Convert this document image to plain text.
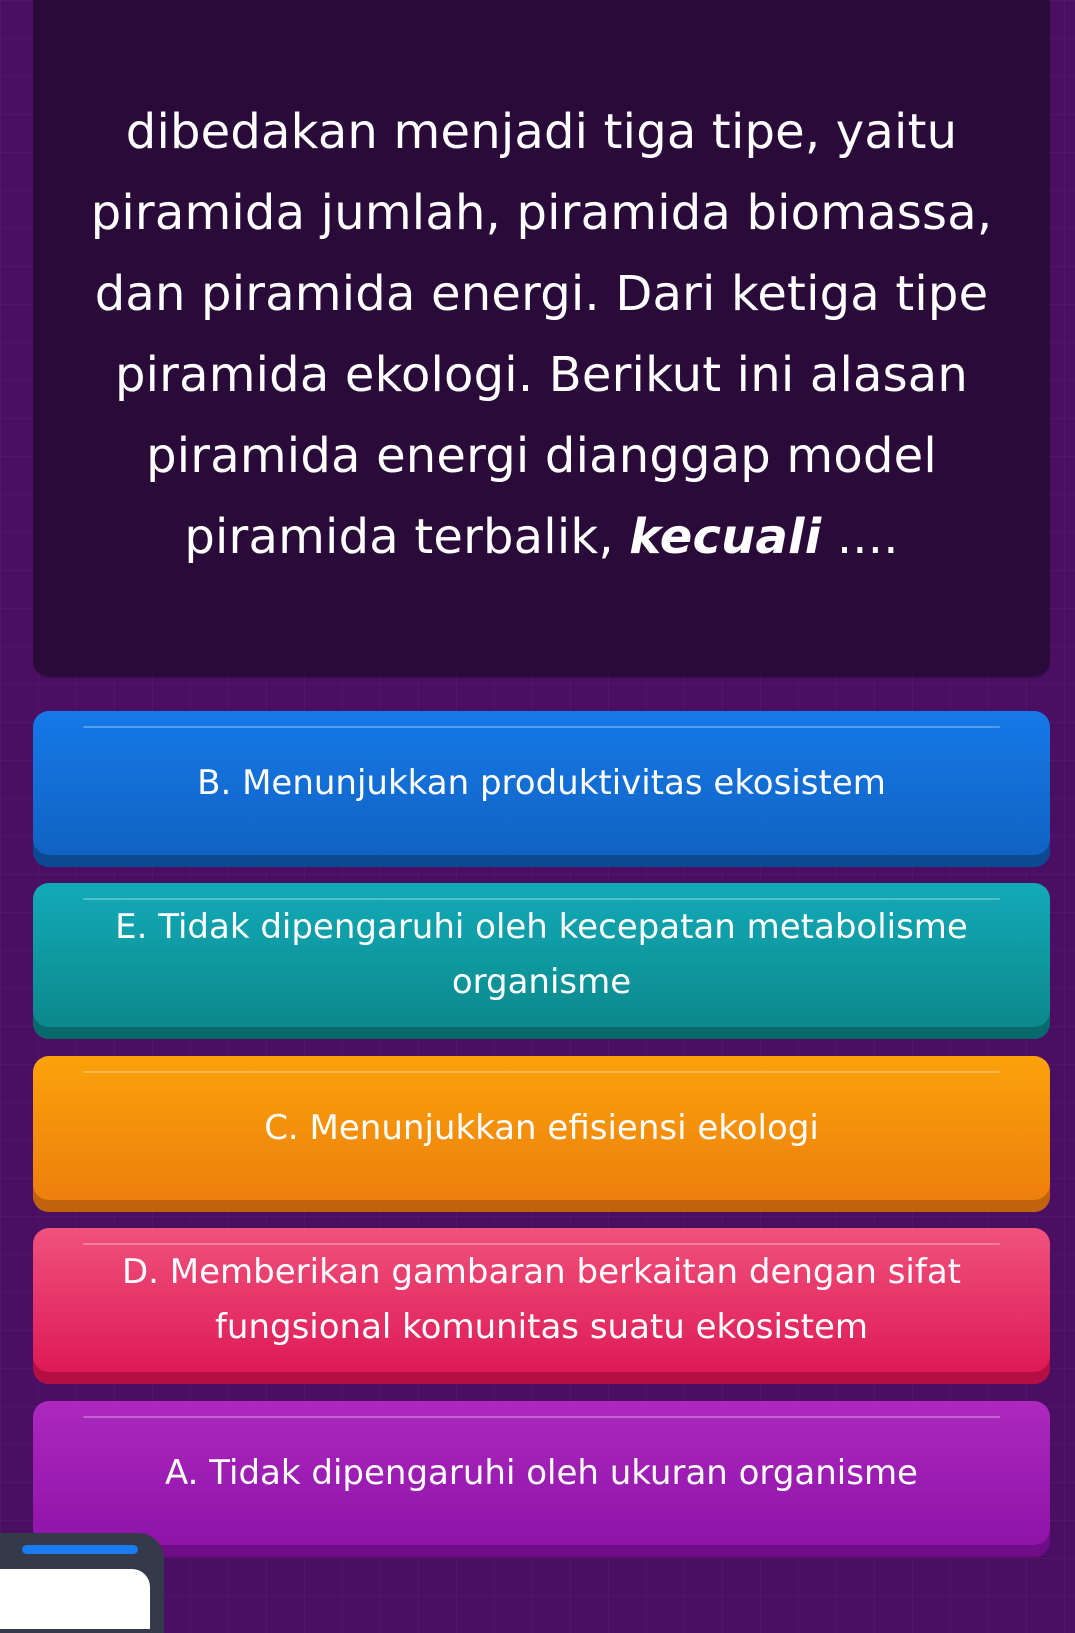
dibedakan menjadi tiga tipe, yaitu piramida jumlah, piramida biomassa, dan piramida energi. Dari ketiga tipe piramida ekologi. Berikut ini alasan piramida energi dianggap model piramida terbalik, kecuali ....

B. Menunjukkan produktivitas ekosistem
E. Tidak dipengaruhi oleh kecepatan metabolisme organisme
C. Menunjukkan efisiensi ekologi
D. Memberikan gambaran berkaitan dengan sifat fungsional komunitas suatu ekosistem
A. Tidak dipengaruhi oleh ukuran organisme
